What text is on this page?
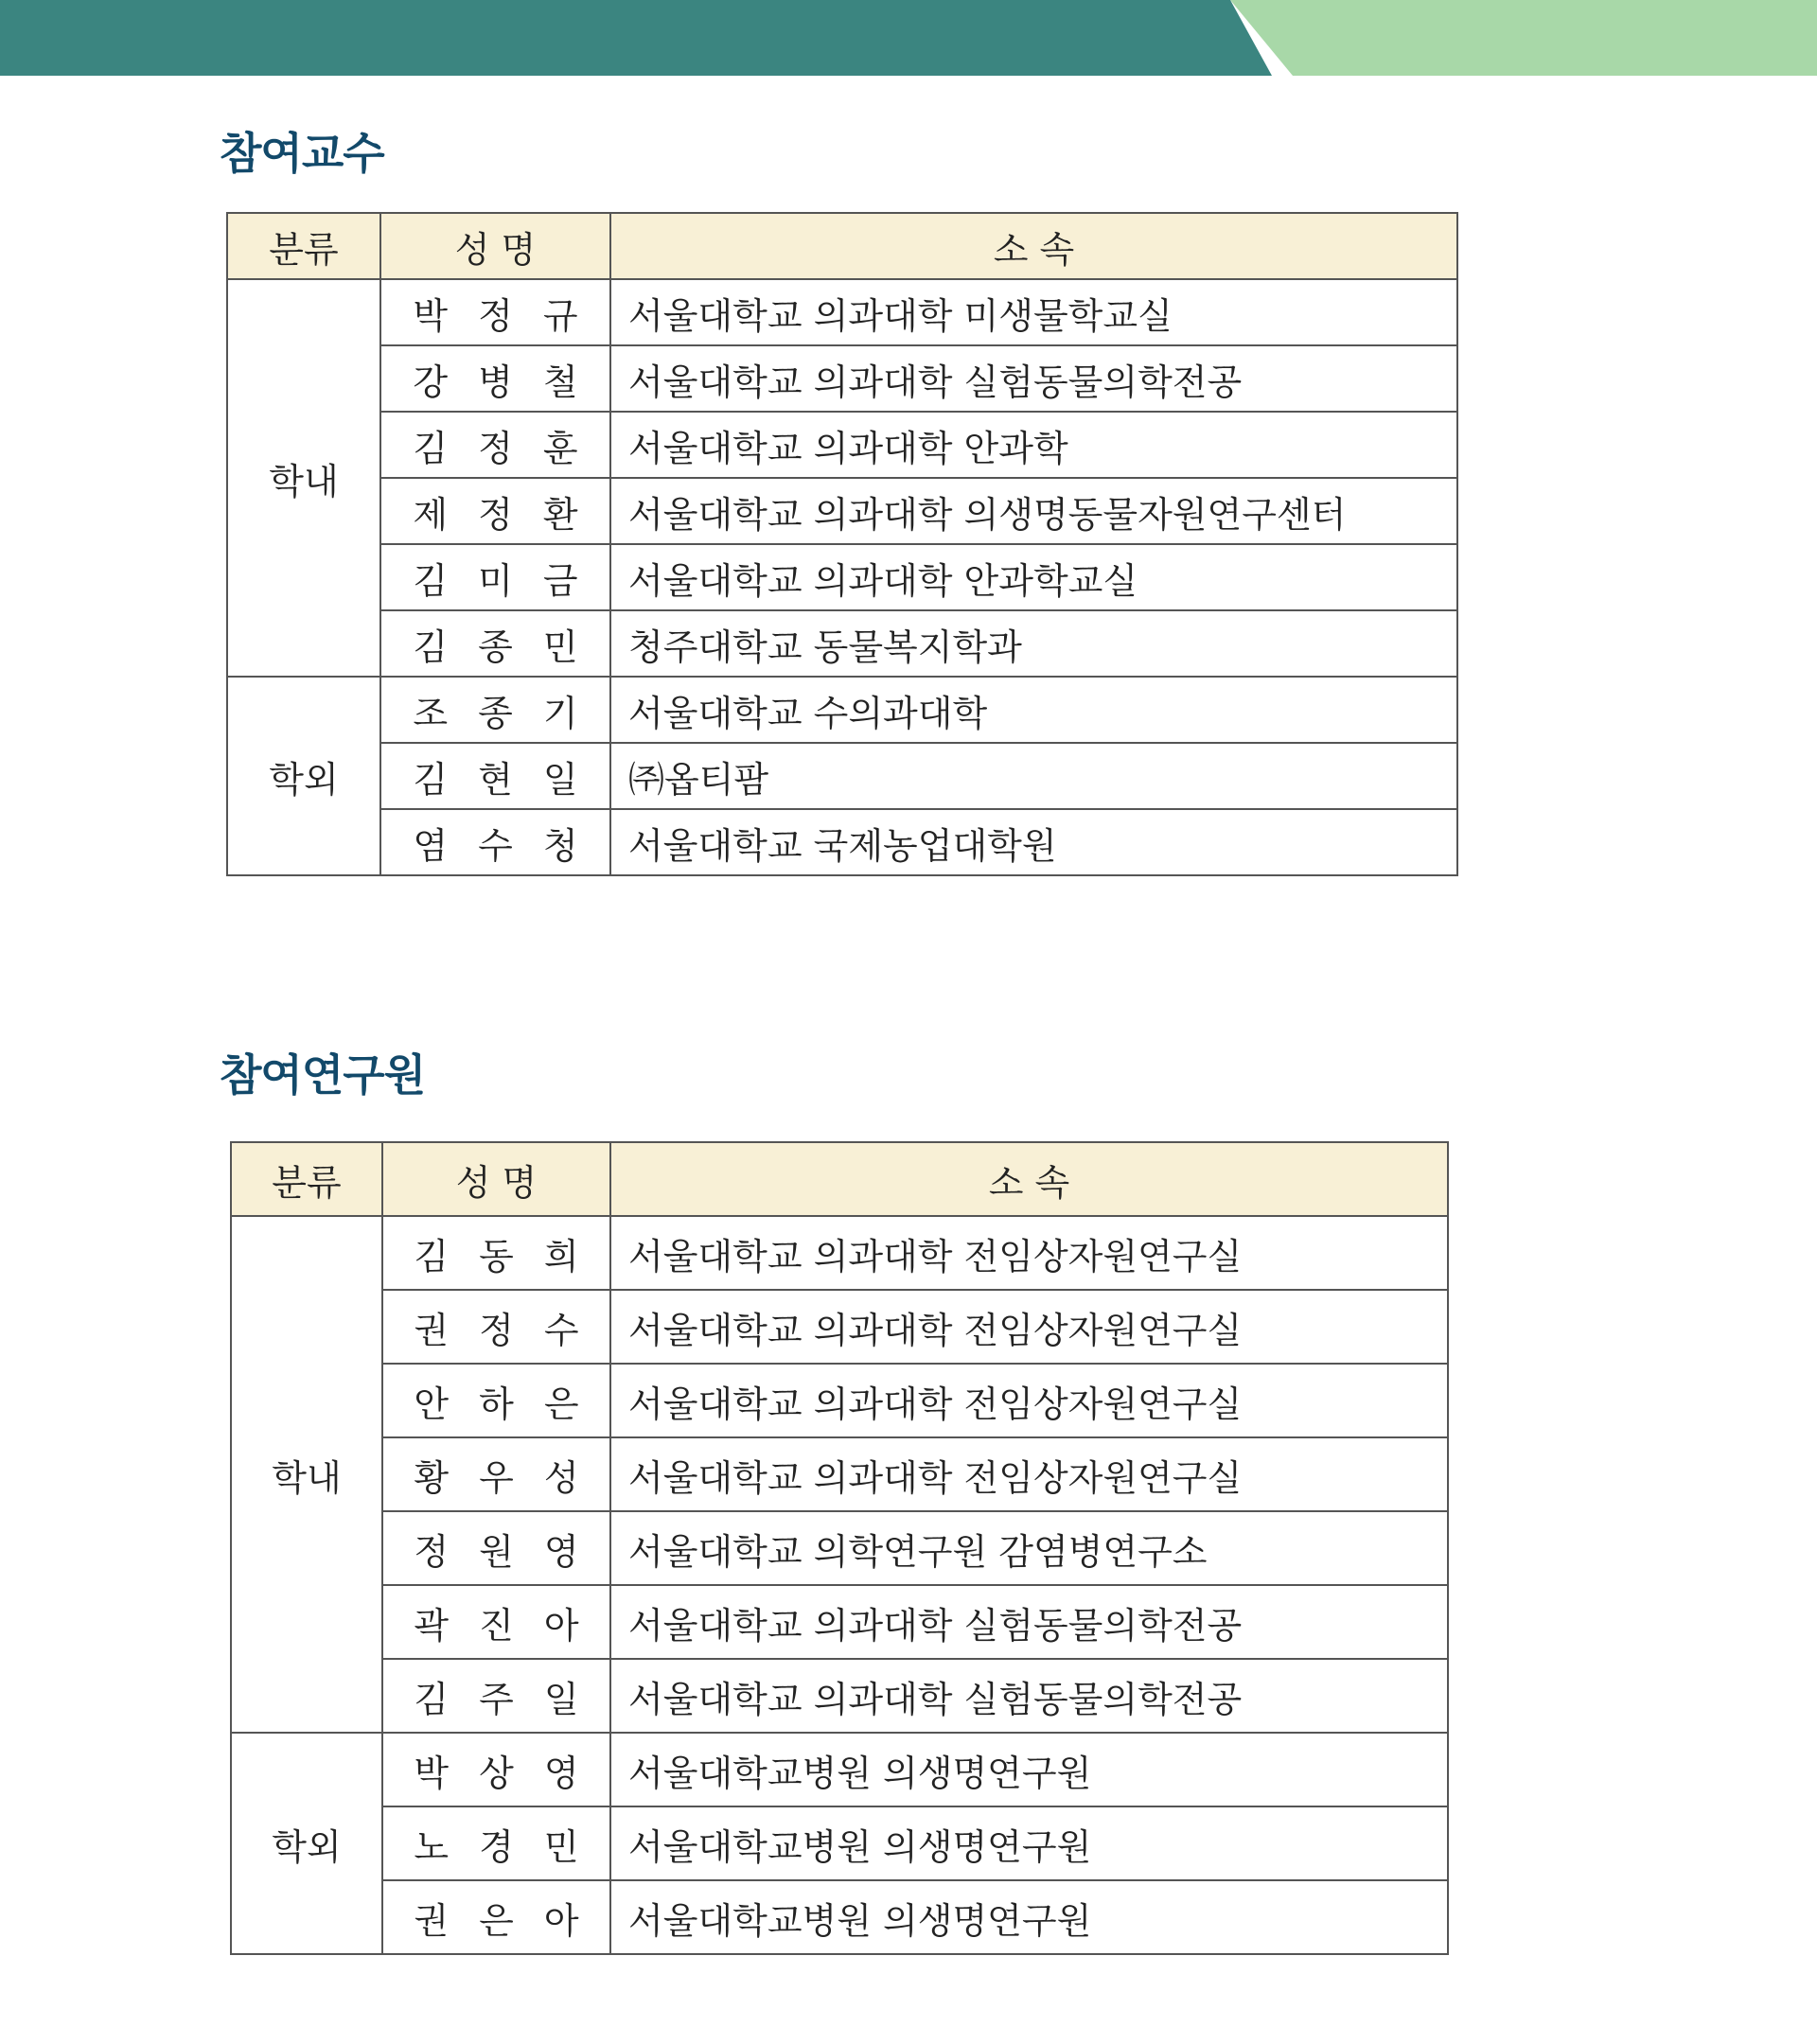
참여교수
분류	성 명	소 속
학내	박 정 규	서울대학교 의과대학 미생물학교실
	강 병 철	서울대학교 의과대학 실험동물의학전공
	김 정 훈	서울대학교 의과대학 안과학
	제 정 환	서울대학교 의과대학 의생명동물자원연구센터
	김 미 금	서울대학교 의과대학 안과학교실
	김 종 민	청주대학교 동물복지학과
학외	조 종 기	서울대학교 수의과대학
	김 현 일	㈜옵티팜
	염 수 청	서울대학교 국제농업대학원
참여연구원
분류	성 명	소 속
학내	김 동 희	서울대학교 의과대학 전임상자원연구실
	권 정 수	서울대학교 의과대학 전임상자원연구실
	안 하 은	서울대학교 의과대학 전임상자원연구실
	황 우 성	서울대학교 의과대학 전임상자원연구실
	정 원 영	서울대학교 의학연구원 감염병연구소
	곽 진 아	서울대학교 의과대학 실험동물의학전공
	김 주 일	서울대학교 의과대학 실험동물의학전공
학외	박 상 영	서울대학교병원 의생명연구원
	노 경 민	서울대학교병원 의생명연구원
	권 은 아	서울대학교병원 의생명연구원
